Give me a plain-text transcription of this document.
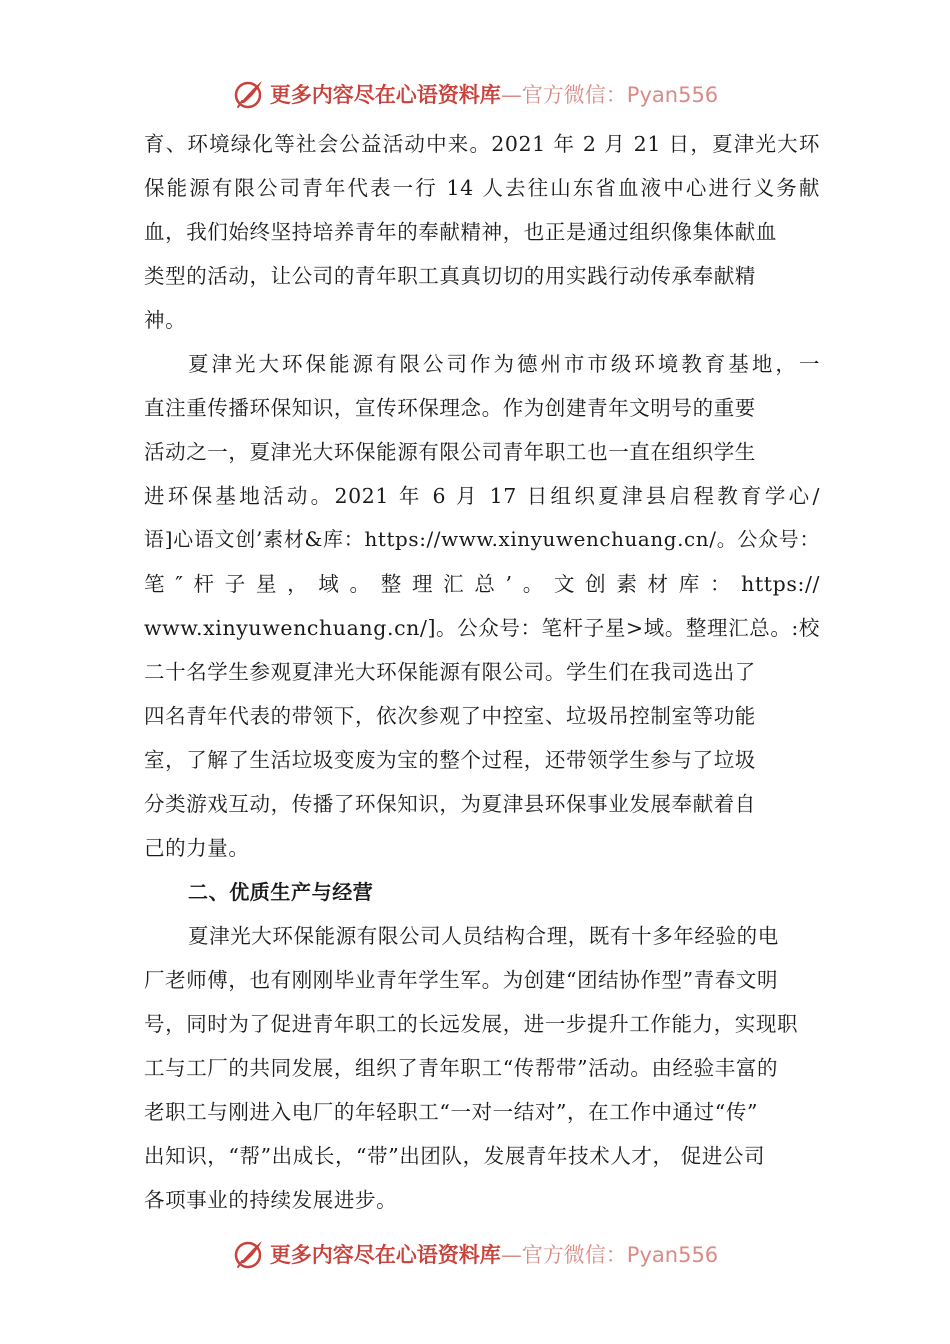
更多内容尽在心语资料库—官方微信：Pyan556
育、环境绿化等社会公益活动中来。2021 年 2 月 21 日，夏津光大环
保能源有限公司青年代表一行 14 人去往山东省血液中心进行义务献
血，我们始终坚持培养青年的奉献精神，也正是通过组织像集体献血
类型的活动，让公司的青年职工真真切切的用实践行动传承奉献精
神。
夏津光大环保能源有限公司作为德州市市级环境教育基地，一
直注重传播环保知识，宣传环保理念。作为创建青年文明号的重要
活动之一，夏津光大环保能源有限公司青年职工也一直在组织学生
进环保基地活动。2021 年 6 月 17 日组织夏津县启程教育学心/
语]心语文创’素材&库：https://www.xinyuwenchuang.cn/。公众号：
笔″杆子星，域。整理汇总’。文创素材库：https://
www.xinyuwenchuang.cn/]。公众号：笔杆子星>域。整理汇总。:校
二十名学生参观夏津光大环保能源有限公司。学生们在我司选出了
四名青年代表的带领下，依次参观了中控室、垃圾吊控制室等功能
室，了解了生活垃圾变废为宝的整个过程，还带领学生参与了垃圾
分类游戏互动，传播了环保知识，为夏津县环保事业发展奉献着自
己的力量。
二、优质生产与经营
夏津光大环保能源有限公司人员结构合理，既有十多年经验的电
厂老师傅，也有刚刚毕业青年学生军。为创建“团结协作型”青春文明
号，同时为了促进青年职工的长远发展，进一步提升工作能力，实现职
工与工厂的共同发展，组织了青年职工“传帮带”活动。由经验丰富的
老职工与刚进入电厂的年轻职工“一对一结对”，在工作中通过“传”
出知识，“帮”出成长，“带”出团队，发展青年技术人才， 促进公司
各项事业的持续发展进步。
更多内容尽在心语资料库—官方微信：Pyan556
